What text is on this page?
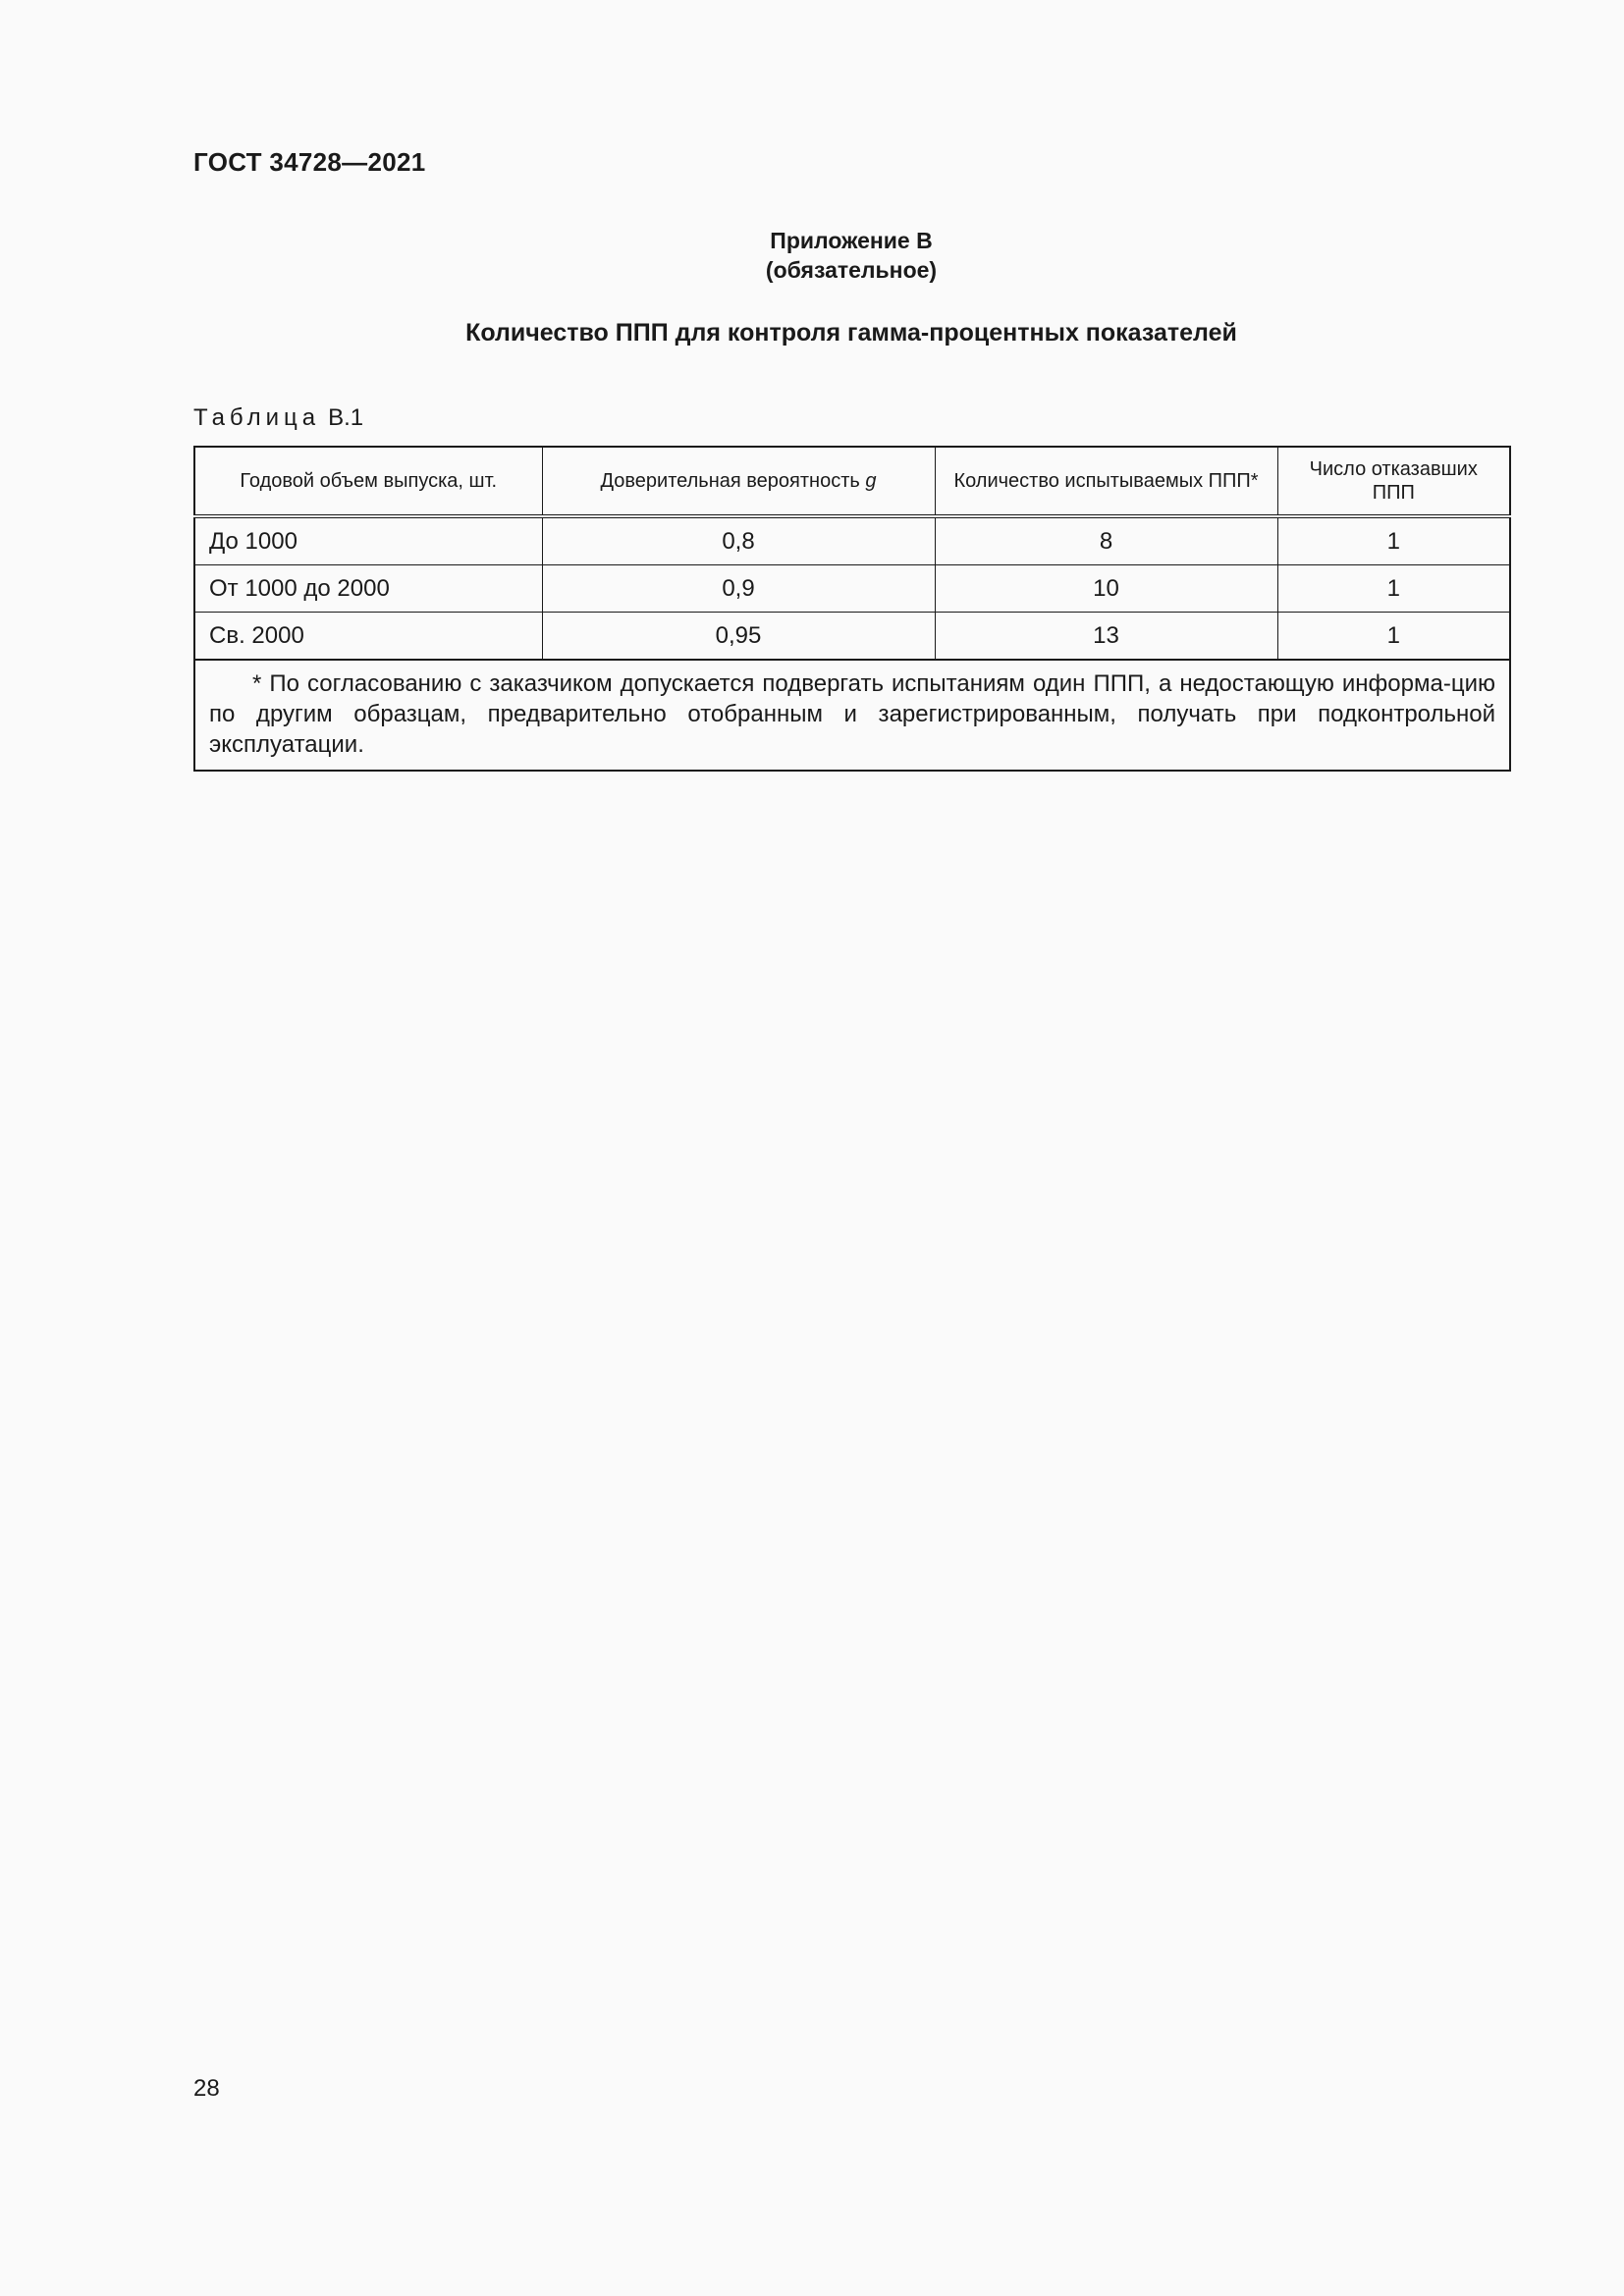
ГОСТ 34728—2021
Приложение В
(обязательное)
Количество ППП для контроля гамма-процентных показателей
Таблица В.1
Годовой объем выпуска, шт.	Доверительная вероятность g	Количество испытываемых ППП*	Число отказавших ППП
До 1000	0,8	8	1
От 1000 до 2000	0,9	10	1
Св. 2000	0,95	13	1
* По согласованию с заказчиком допускается подвергать испытаниям один ППП, а недостающую информа-цию по другим образцам, предварительно отобранным и зарегистрированным, получать при подконтрольной эксплуатации.			
28
